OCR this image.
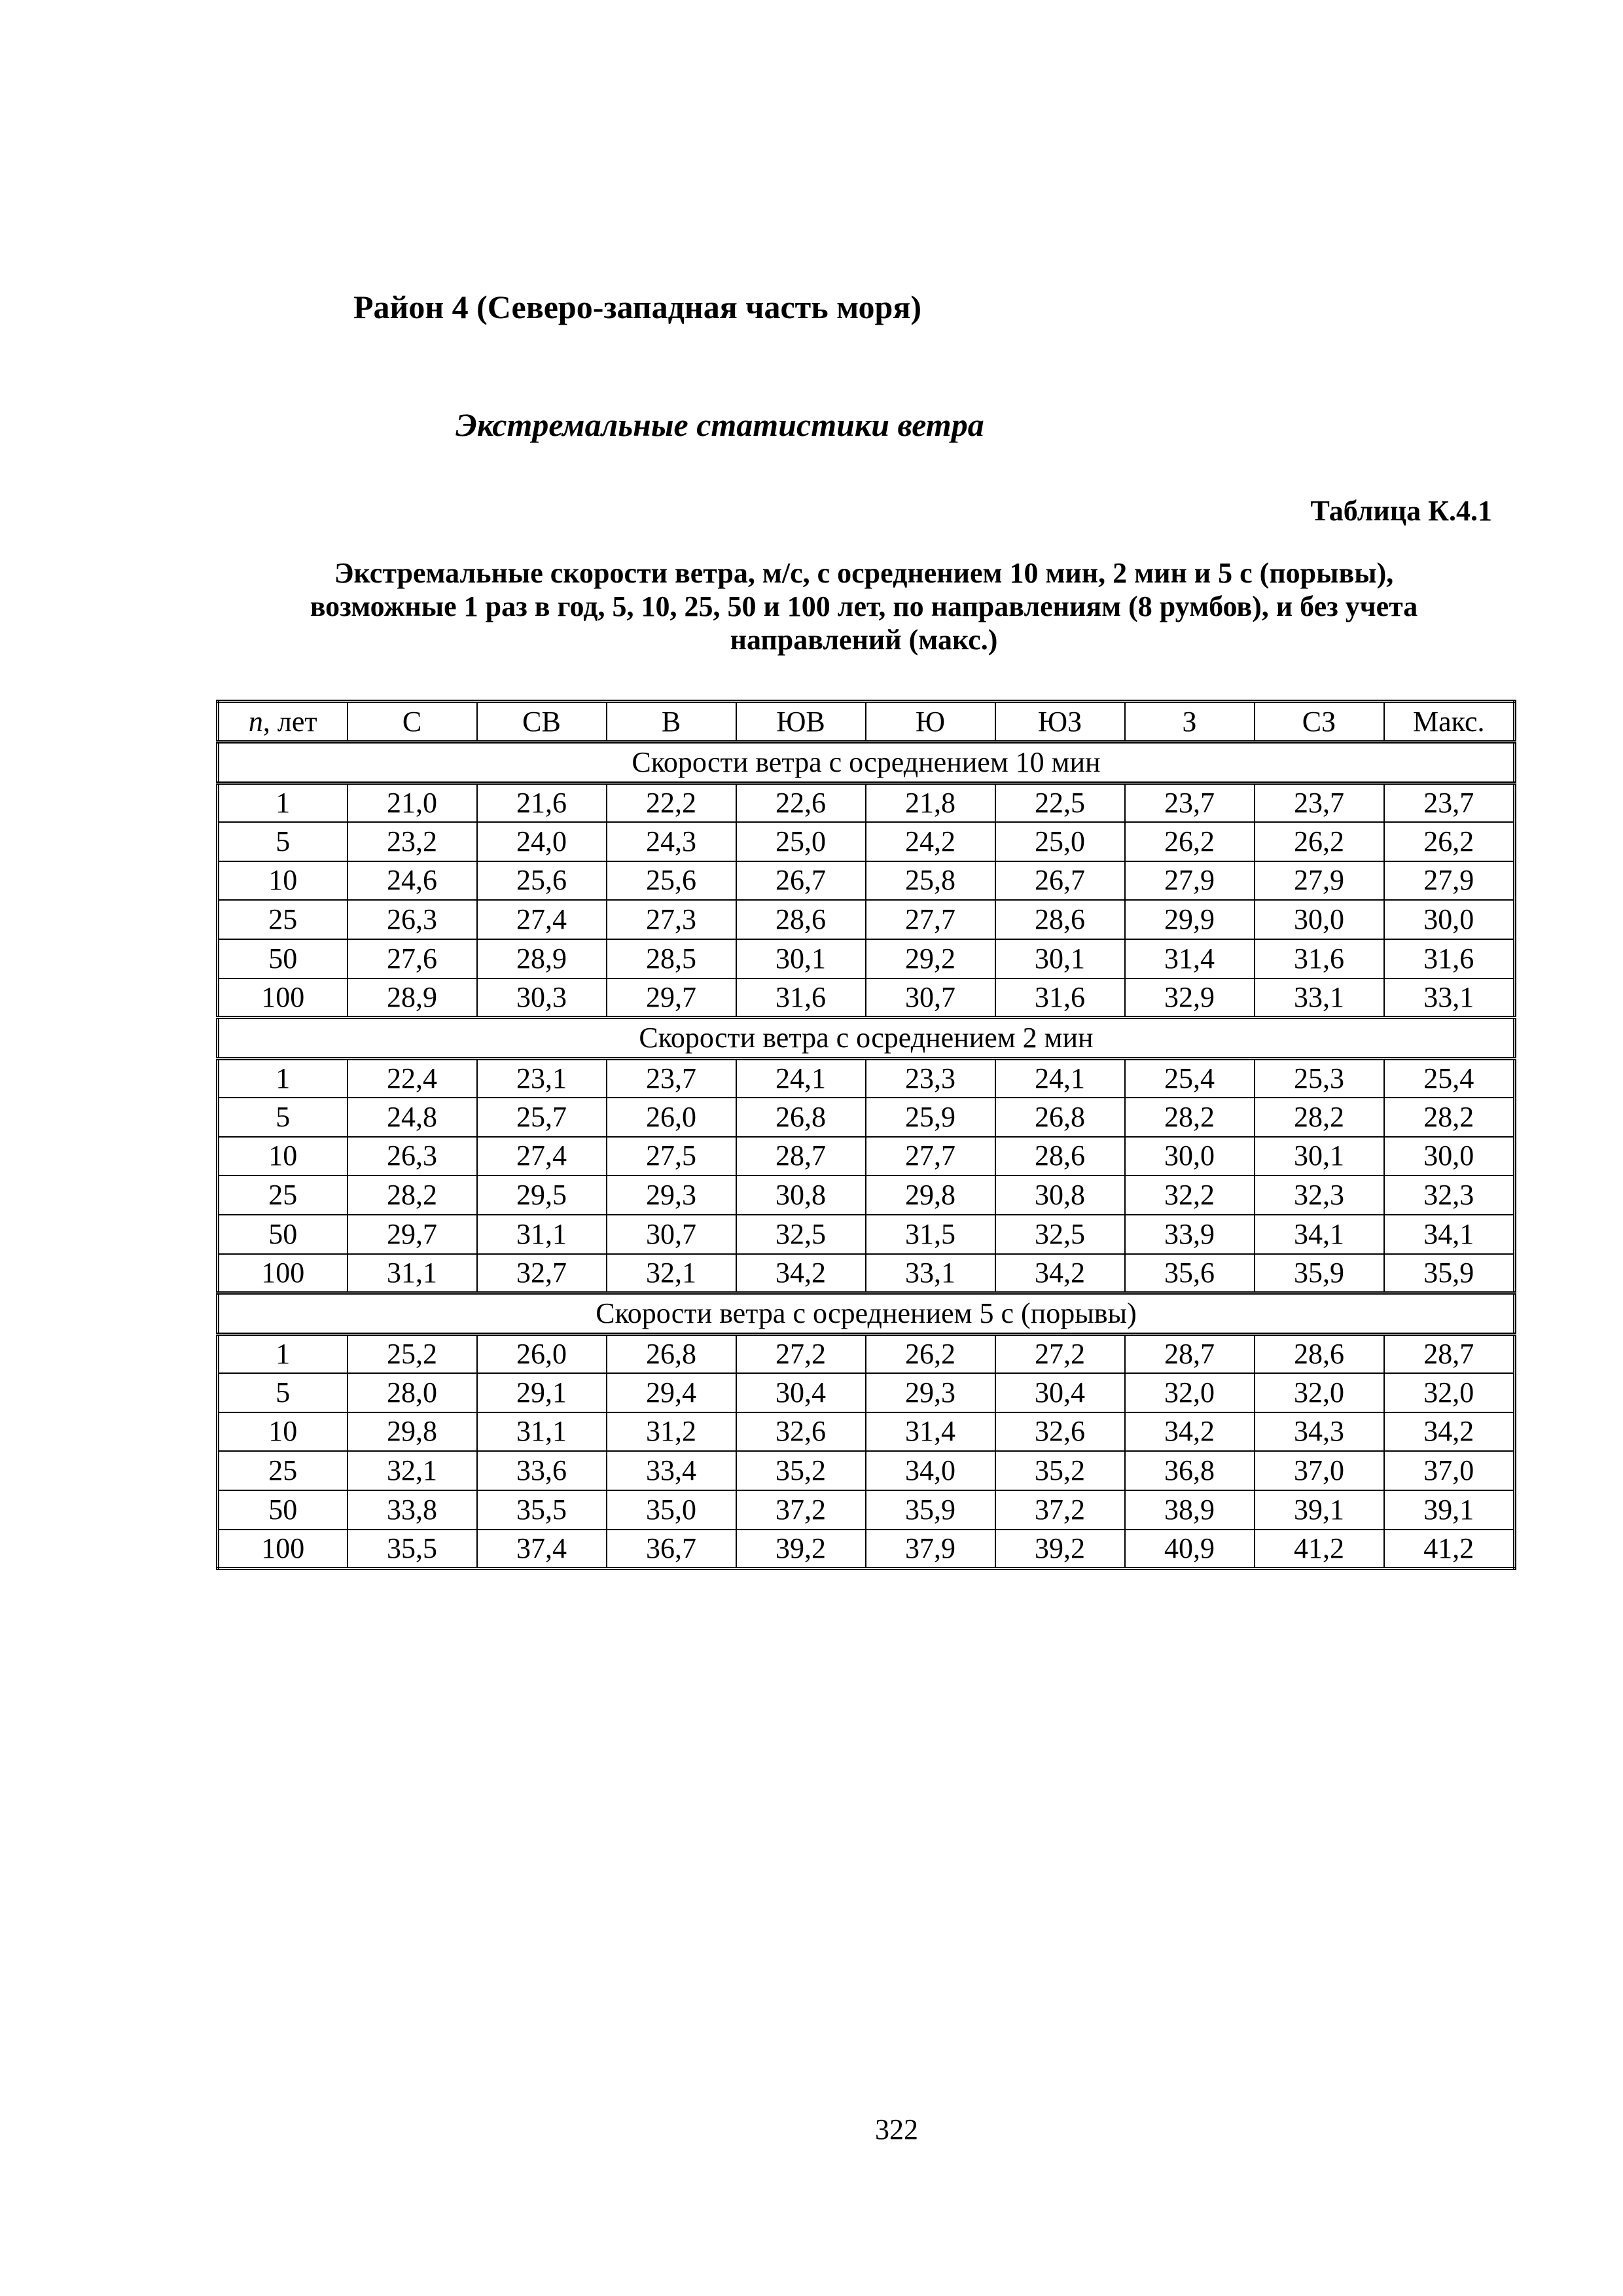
Район 4 (Северо-западная часть моря)
Экстремальные статистики ветра
Таблица К.4.1
Экстремальные скорости ветра, м/с, с осреднением 10 мин, 2 мин и 5 с (порывы),
возможные 1 раз в год, 5, 10, 25, 50 и 100 лет, по направлениям (8 румбов), и без учета
направлений (макс.)
n, лет	С	СВ	В	ЮВ	Ю	ЮЗ	З	СЗ	Макс.
Скорости ветра с осреднением 10 мин									
1	21,0	21,6	22,2	22,6	21,8	22,5	23,7	23,7	23,7
5	23,2	24,0	24,3	25,0	24,2	25,0	26,2	26,2	26,2
10	24,6	25,6	25,6	26,7	25,8	26,7	27,9	27,9	27,9
25	26,3	27,4	27,3	28,6	27,7	28,6	29,9	30,0	30,0
50	27,6	28,9	28,5	30,1	29,2	30,1	31,4	31,6	31,6
100	28,9	30,3	29,7	31,6	30,7	31,6	32,9	33,1	33,1
Скорости ветра с осреднением 2 мин									
1	22,4	23,1	23,7	24,1	23,3	24,1	25,4	25,3	25,4
5	24,8	25,7	26,0	26,8	25,9	26,8	28,2	28,2	28,2
10	26,3	27,4	27,5	28,7	27,7	28,6	30,0	30,1	30,0
25	28,2	29,5	29,3	30,8	29,8	30,8	32,2	32,3	32,3
50	29,7	31,1	30,7	32,5	31,5	32,5	33,9	34,1	34,1
100	31,1	32,7	32,1	34,2	33,1	34,2	35,6	35,9	35,9
Скорости ветра с осреднением 5 с (порывы)									
1	25,2	26,0	26,8	27,2	26,2	27,2	28,7	28,6	28,7
5	28,0	29,1	29,4	30,4	29,3	30,4	32,0	32,0	32,0
10	29,8	31,1	31,2	32,6	31,4	32,6	34,2	34,3	34,2
25	32,1	33,6	33,4	35,2	34,0	35,2	36,8	37,0	37,0
50	33,8	35,5	35,0	37,2	35,9	37,2	38,9	39,1	39,1
100	35,5	37,4	36,7	39,2	37,9	39,2	40,9	41,2	41,2
322
